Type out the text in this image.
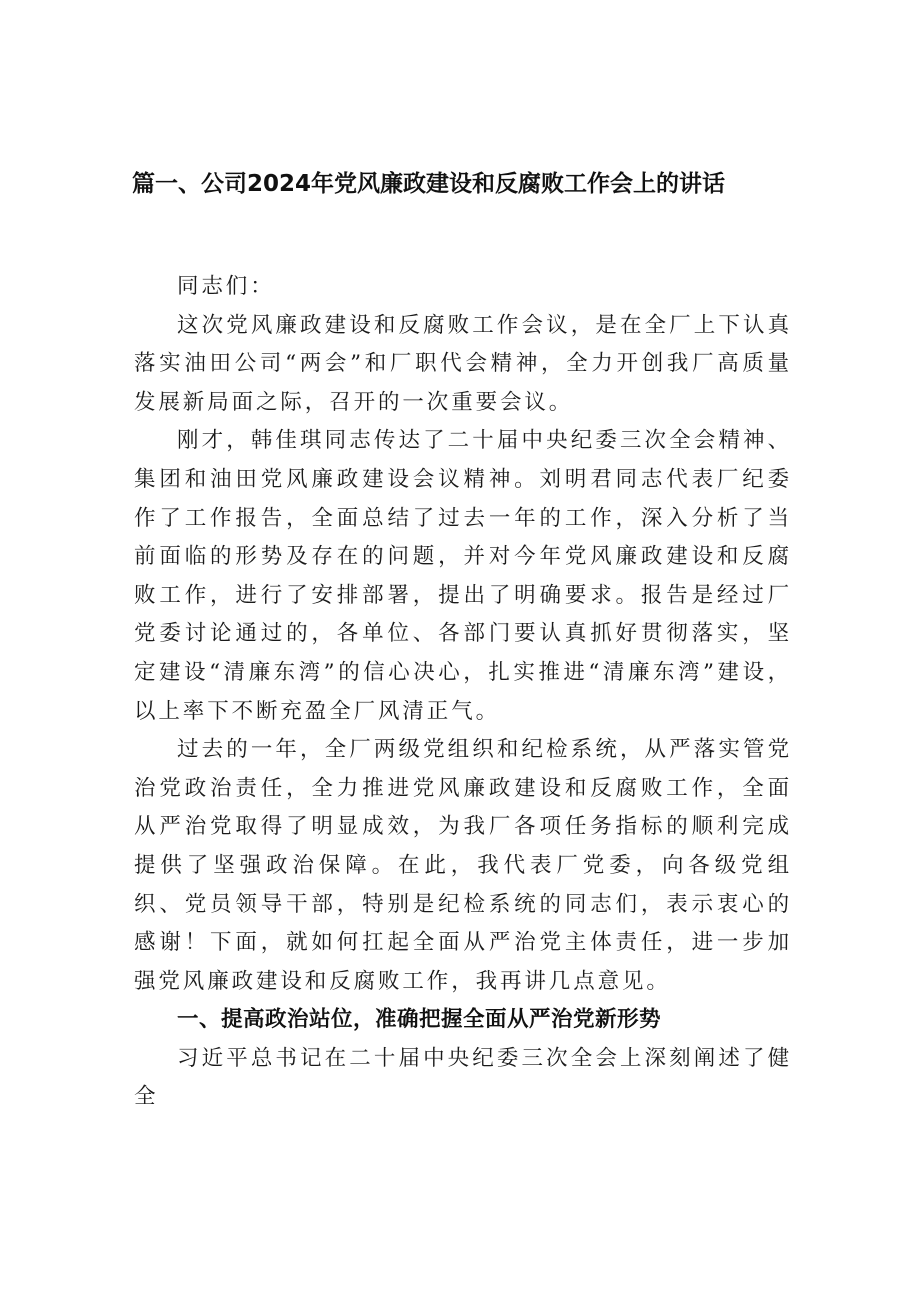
篇一、公司2024年党风廉政建设和反腐败工作会上的讲话

同志们：

这次党风廉政建设和反腐败工作会议，是在全厂上下认真落实油田公司“两会”和厂职代会精神，全力开创我厂高质量发展新局面之际，召开的一次重要会议。

刚才，韩佳琪同志传达了二十届中央纪委三次全会精神、集团和油田党风廉政建设会议精神。刘明君同志代表厂纪委作了工作报告，全面总结了过去一年的工作，深入分析了当前面临的形势及存在的问题，并对今年党风廉政建设和反腐败工作，进行了安排部署，提出了明确要求。报告是经过厂党委讨论通过的，各单位、各部门要认真抓好贯彻落实，坚定建设“清廉东湾”的信心决心，扎实推进“清廉东湾”建设，以上率下不断充盈全厂风清正气。

过去的一年，全厂两级党组织和纪检系统，从严落实管党治党政治责任，全力推进党风廉政建设和反腐败工作，全面从严治党取得了明显成效，为我厂各项任务指标的顺利完成提供了坚强政治保障。在此，我代表厂党委，向各级党组织、党员领导干部，特别是纪检系统的同志们，表示衷心的感谢！下面，就如何扛起全面从严治党主体责任，进一步加强党风廉政建设和反腐败工作，我再讲几点意见。

一、提高政治站位，准确把握全面从严治党新形势

习近平总书记在二十届中央纪委三次全会上深刻阐述了健全
